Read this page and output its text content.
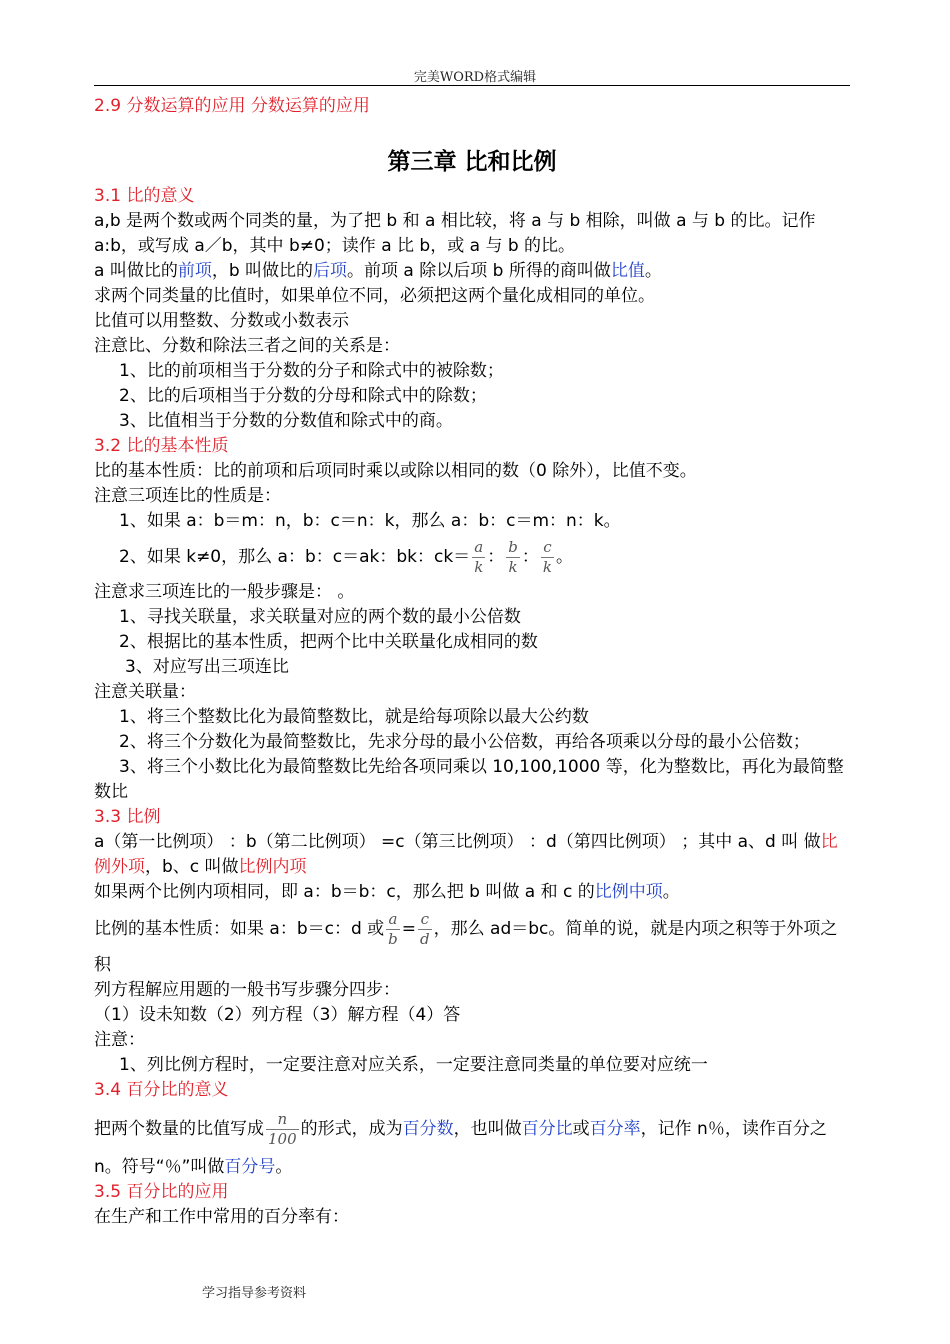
完美WORD格式编辑
2.9 分数运算的应用 分数运算的应用
第三章 比和比例
3.1 比的意义
a,b 是两个数或两个同类的量，为了把 b 和 a 相比较，将 a 与 b 相除，叫做 a 与 b 的比。记作 a:b，或写成 a／b，其中 b≠0；读作 a 比 b，或 a 与 b 的比。
a 叫做比的前项，b 叫做比的后项。前项 a 除以后项 b 所得的商叫做比值。
求两个同类量的比值时，如果单位不同，必须把这两个量化成相同的单位。
比值可以用整数、分数或小数表示
注意比、分数和除法三者之间的关系是：
1、比的前项相当于分数的分子和除式中的被除数；
2、比的后项相当于分数的分母和除式中的除数；
3、比值相当于分数的分数值和除式中的商。
3.2 比的基本性质
比的基本性质：比的前项和后项同时乘以或除以相同的数（0 除外），比值不变。
注意三项连比的性质是：
1、如果 a：b＝m：n，b：c＝n：k，那么 a：b：c＝m：n：k。
2、如果 k≠0，那么 a：b：c＝ak：bk：$ck= \frac{a}{k}$ ： $\frac{b}{k}$ ： $\frac{c}{k}$ 。
注意求三项连比的一般步骤是： 。
1、寻找关联量，求关联量对应的两个数的最小公倍数
2、根据比的基本性质，把两个比中关联量化成相同的数
3、对应写出三项连比
注意关联量：
1、将三个整数比化为最简整数比，就是给每项除以最大公约数
2、将三个分数化为最简整数比，先求分母的最小公倍数，再给各项乘以分母的最小公倍数；
3、将三个小数比化为最简整数比先给各项同乘以 10,100,1000 等，化为整数比，再化为最简整数比
3.3 比例
a（第一比例项） ：b（第二比例项） =c（第三比例项） ：d（第四比例项） ；其中 a、d 叫 做比例外项，b、c 叫做比例内项
如果两个比例内项相同，即 a：b＝b：c，那么把 b 叫做 a 和 c 的比例中项。
比例的基本性质：如果 a：b＝c：d 或 $\frac{a}{b} = \frac{c}{d}$ ，那么 ad＝bc。简单的说，就是内项之积等于外项之积
列方程解应用题的一般书写步骤分四步：
（1）设未知数（2）列方程（3）解方程（4）答
注意：
1、列比例方程时，一定要注意对应关系，一定要注意同类量的单位要对应统一
3.4 百分比的意义
把两个数量的比值写成 $\frac{n}{100}$ 的形式，成为百分数，也叫做百分比或百分率，记作 n％，读作百分之 n。符号“％”叫做百分号。
3.5 百分比的应用
在生产和工作中常用的百分率有：
学习指导参考资料
